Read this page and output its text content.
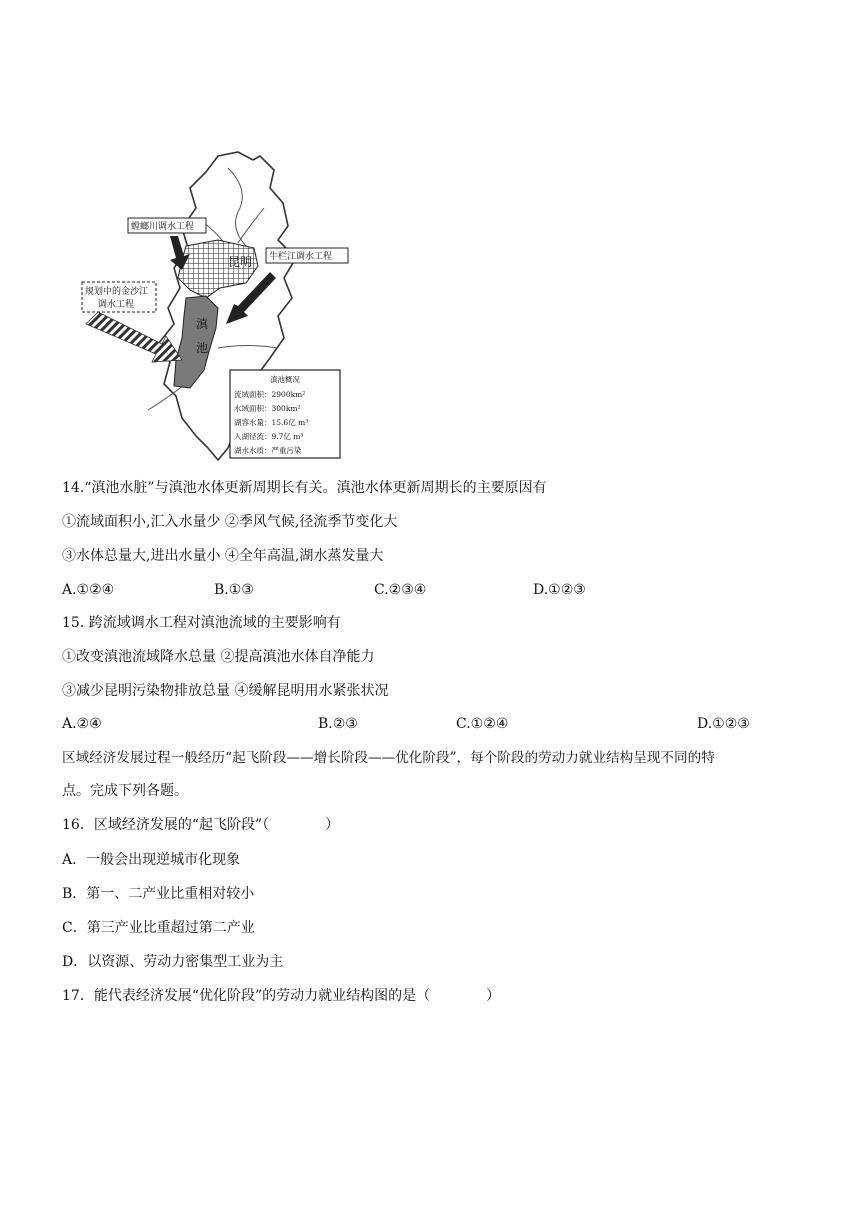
昆明
滇
池
螳螂川调水工程
牛栏江调水工程
规划中的金沙江
调水工程
滇池概况
流域面积：2900km²
水域面积：300km²
湖容水量：15.6亿 m³
入湖径流：9.7亿 m³
湖水水质：严重污染
14.“滇池水脏”与滇池水体更新周期长有关。滇池水体更新周期长的主要原因有
①流域面积小,汇入水量少 ②季风气候,径流季节变化大
③水体总量大,进出水量小 ④全年高温,湖水蒸发量大
A.①②④	B.①③	C.②③④	D.①②③
15. 跨流域调水工程对滇池流域的主要影响有
①改变滇池流域降水总量 ②提高滇池水体自净能力
③减少昆明污染物排放总量 ④缓解昆明用水紧张状况
A.②④	B.②③	C.①②④	D.①②③
区域经济发展过程一般经历“起飞阶段——增长阶段——优化阶段”，每个阶段的劳动力就业结构呈现不同的特
点。完成下列各题。
16．区域经济发展的“起飞阶段”（　　　　）
A．一般会出现逆城市化现象
B．第一、二产业比重相对较小
C．第三产业比重超过第二产业
D．以资源、劳动力密集型工业为主
17．能代表经济发展“优化阶段”的劳动力就业结构图的是（　　　　）
